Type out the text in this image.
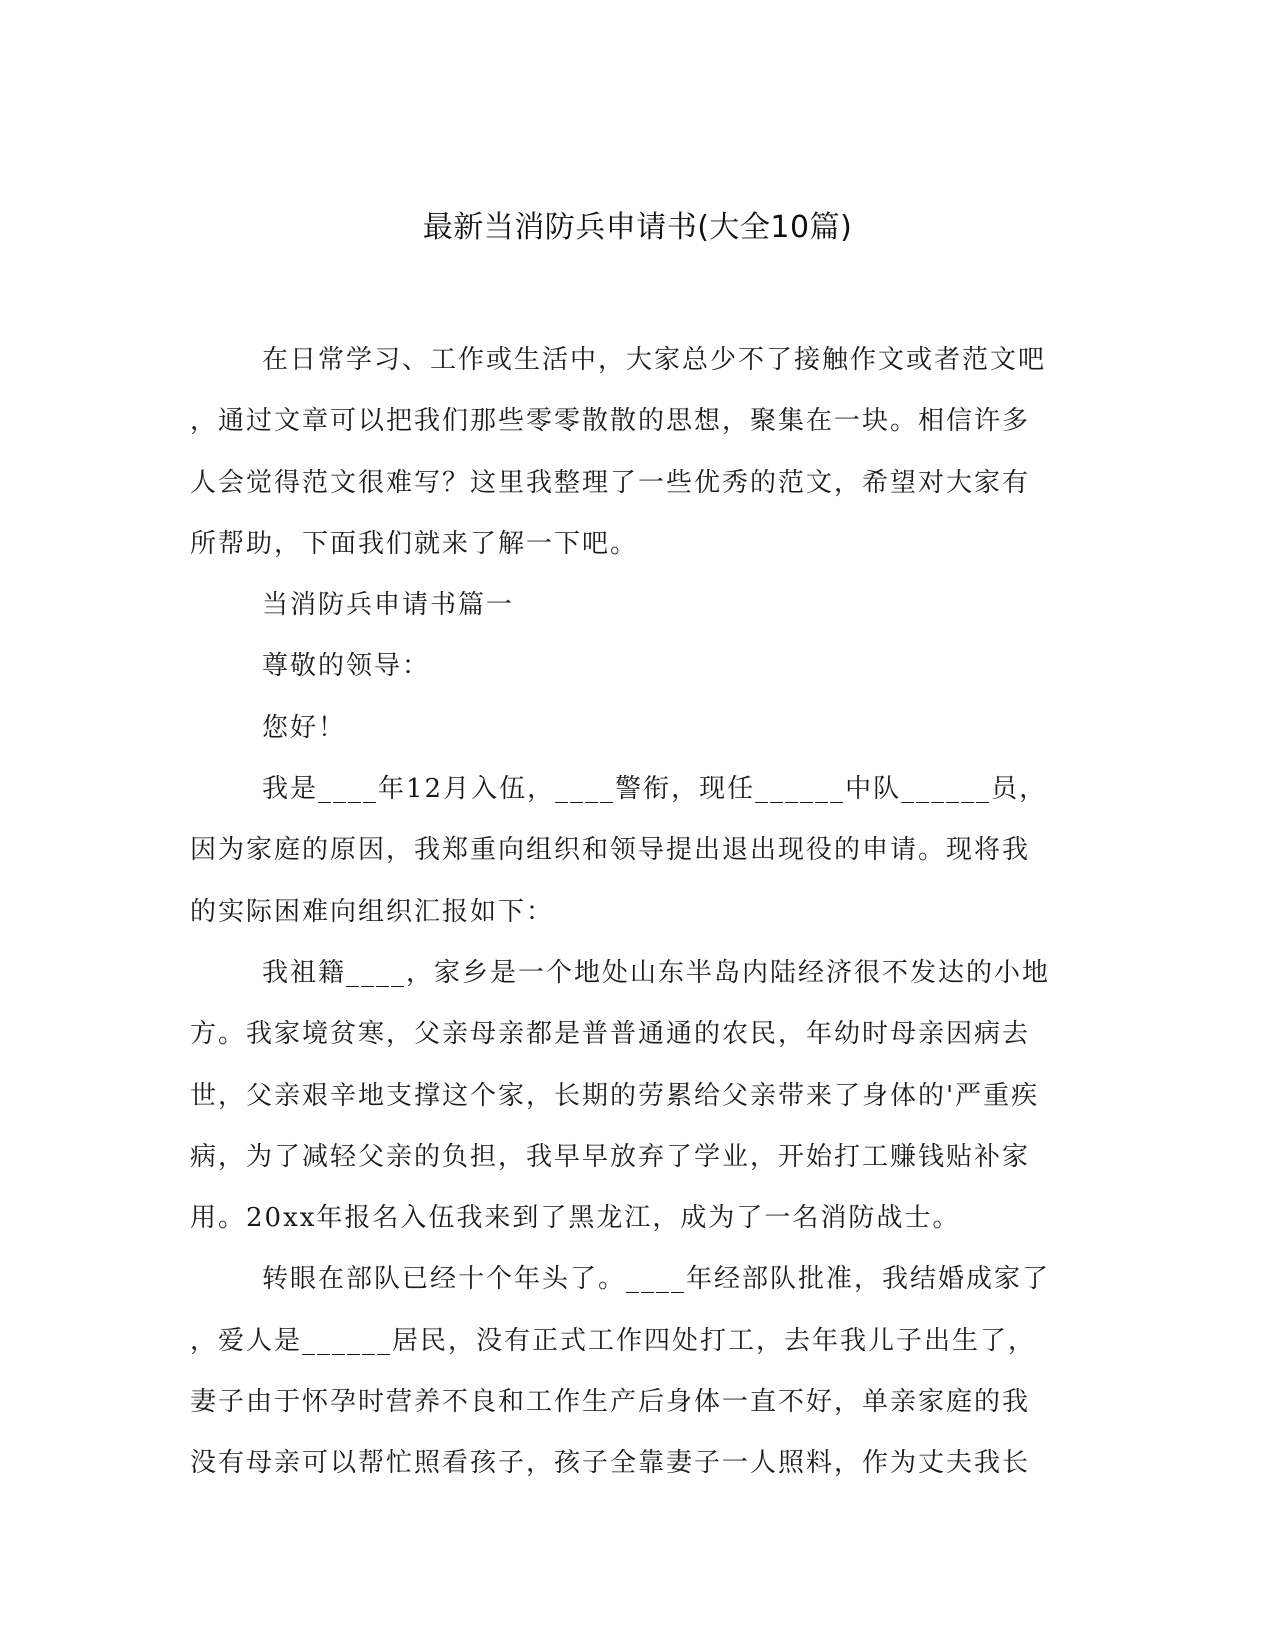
最新当消防兵申请书(大全10篇)
在日常学习、工作或生活中，大家总少不了接触作文或者范文吧
，通过文章可以把我们那些零零散散的思想，聚集在一块。相信许多
人会觉得范文很难写？这里我整理了一些优秀的范文，希望对大家有
所帮助，下面我们就来了解一下吧。
当消防兵申请书篇一
尊敬的领导：
您好！
我是____年12月入伍，____警衔，现任______中队______员，
因为家庭的原因，我郑重向组织和领导提出退出现役的申请。现将我
的实际困难向组织汇报如下：
我祖籍____，家乡是一个地处山东半岛内陆经济很不发达的小地
方。我家境贫寒，父亲母亲都是普普通通的农民，年幼时母亲因病去
世，父亲艰辛地支撑这个家，长期的劳累给父亲带来了身体的'严重疾
病，为了减轻父亲的负担，我早早放弃了学业，开始打工赚钱贴补家
用。20xx年报名入伍我来到了黑龙江，成为了一名消防战士。
转眼在部队已经十个年头了。____年经部队批准，我结婚成家了
，爱人是______居民，没有正式工作四处打工，去年我儿子出生了，
妻子由于怀孕时营养不良和工作生产后身体一直不好，单亲家庭的我
没有母亲可以帮忙照看孩子，孩子全靠妻子一人照料，作为丈夫我长
